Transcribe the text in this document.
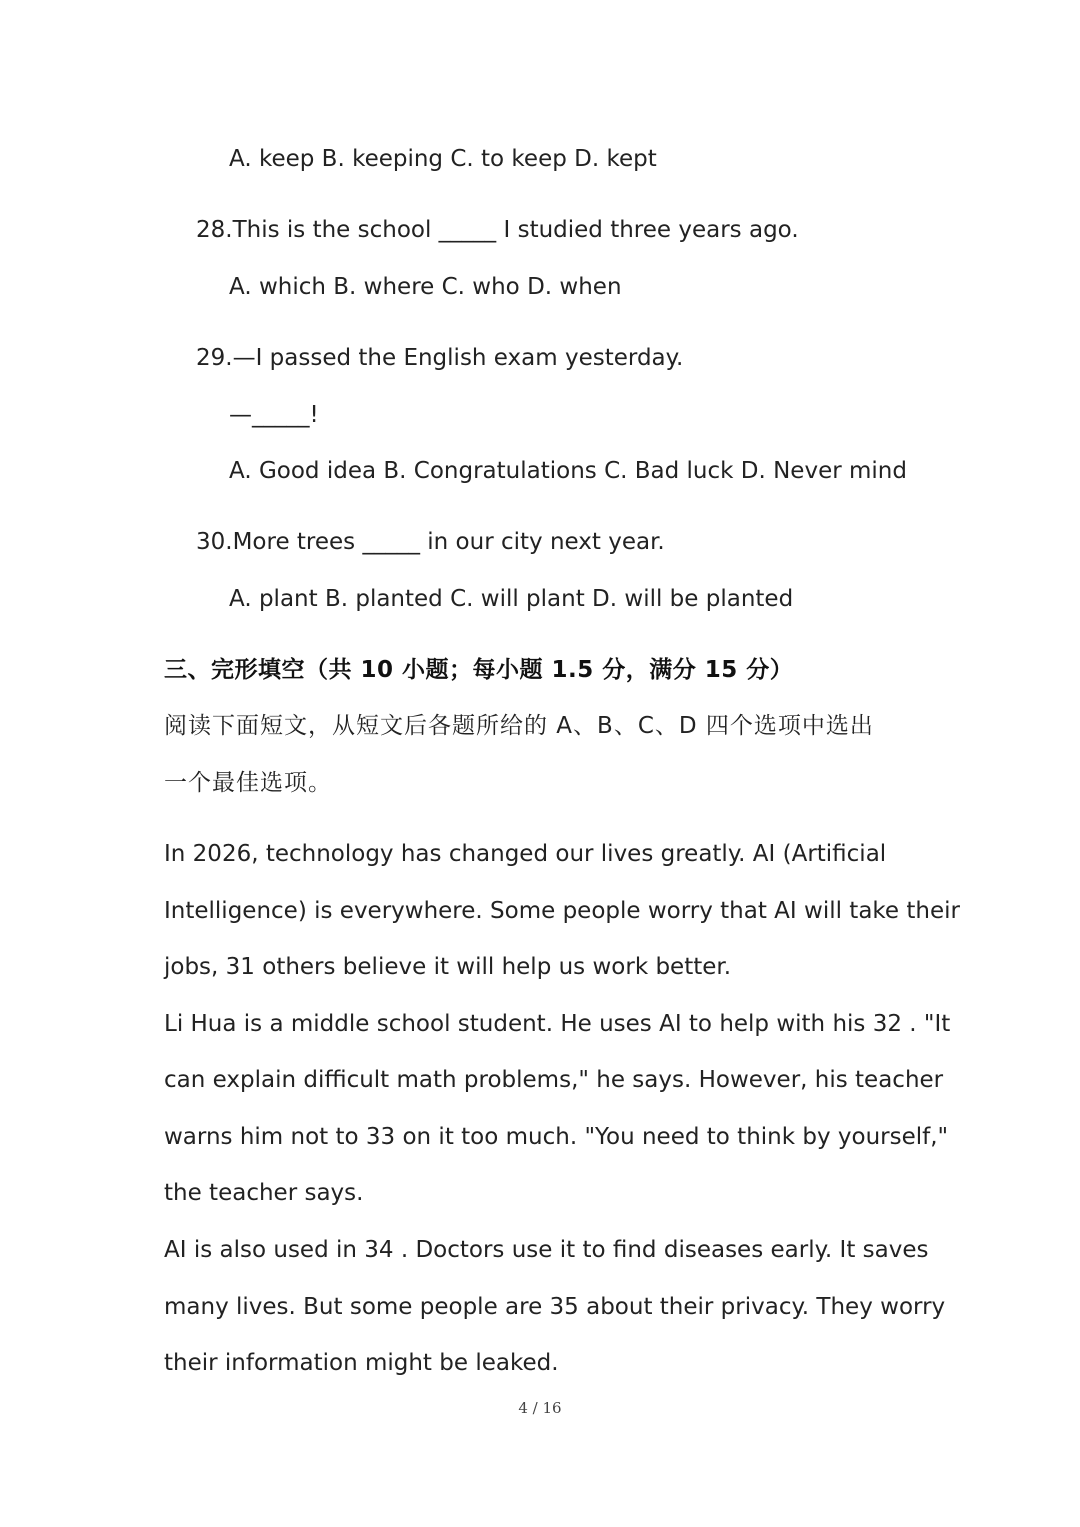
A. keep B. keeping C. to keep D. kept
28.This is the school _____ I studied three years ago.
A. which B. where C. who D. when
29.—I passed the English exam yesterday.
—_____!
A. Good idea B. Congratulations C. Bad luck D. Never mind
30.More trees _____ in our city next year.
A. plant B. planted C. will plant D. will be planted
三、完形填空（共 10 小题；每小题 1.5 分，满分 15 分）
阅读下面短文，从短文后各题所给的 A、B、C、D 四个选项中选出
一个最佳选项。
In 2026, technology has changed our lives greatly. AI (Artificial
Intelligence) is everywhere. Some people worry that AI will take their
jobs, 31 others believe it will help us work better.
Li Hua is a middle school student. He uses AI to help with his 32 . "It
can explain difficult math problems," he says. However, his teacher
warns him not to 33 on it too much. "You need to think by yourself,"
the teacher says.
AI is also used in 34 . Doctors use it to find diseases early. It saves
many lives. But some people are 35 about their privacy. They worry
their information might be leaked.
4 / 16
